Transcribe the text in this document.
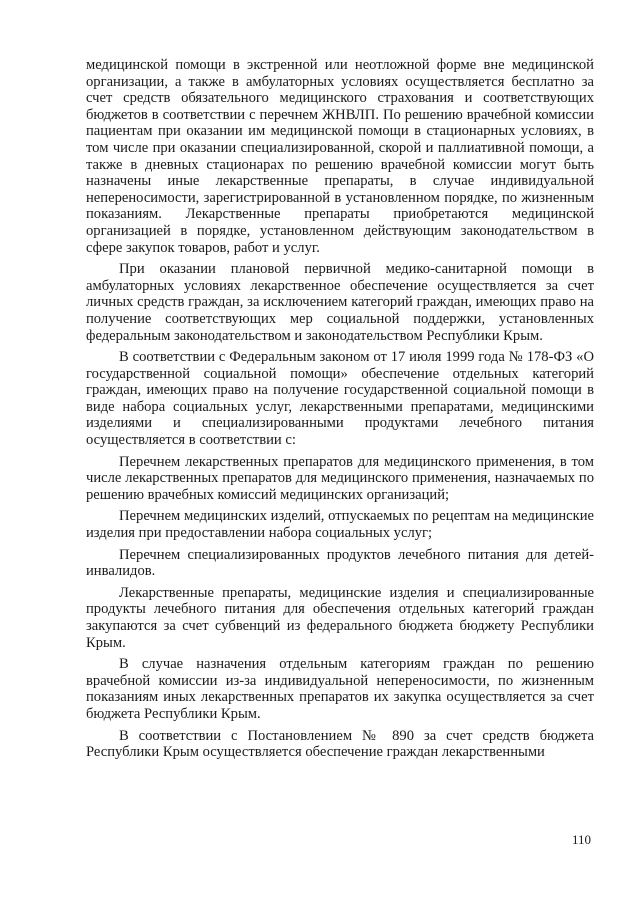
медицинской помощи в экстренной или неотложной форме вне медицинской организации, а также в амбулаторных условиях осуществляется бесплатно за счет средств обязательного медицинского страхования и соответствующих бюджетов в соответствии с перечнем ЖНВЛП. По решению врачебной комиссии пациентам при оказании им медицинской помощи в стационарных условиях, в том числе при оказании специализированной, скорой и паллиативной помощи, а также в дневных стационарах по решению врачебной комиссии могут быть назначены иные лекарственные препараты, в случае индивидуальной непереносимости, зарегистрированной в установленном порядке, по жизненным показаниям. Лекарственные препараты приобретаются медицинской организацией в порядке, установленном действующим законодательством в сфере закупок товаров, работ и услуг.

При оказании плановой первичной медико-санитарной помощи в амбулаторных условиях лекарственное обеспечение осуществляется за счет личных средств граждан, за исключением категорий граждан, имеющих право на получение соответствующих мер социальной поддержки, установленных федеральным законодательством и законодательством Республики Крым.

В соответствии с Федеральным законом от 17 июля 1999 года № 178-ФЗ «О государственной социальной помощи» обеспечение отдельных категорий граждан, имеющих право на получение государственной социальной помощи в виде набора социальных услуг, лекарственными препаратами, медицинскими изделиями и специализированными продуктами лечебного питания осуществляется в соответствии с:

Перечнем лекарственных препаратов для медицинского применения, в том числе лекарственных препаратов для медицинского применения, назначаемых по решению врачебных комиссий медицинских организаций;

Перечнем медицинских изделий, отпускаемых по рецептам на медицинские изделия при предоставлении набора социальных услуг;

Перечнем специализированных продуктов лечебного питания для детей-инвалидов.

Лекарственные препараты, медицинские изделия и специализированные продукты лечебного питания для обеспечения отдельных категорий граждан закупаются за счет субвенций из федерального бюджета бюджету Республики Крым.

В случае назначения отдельным категориям граждан по решению врачебной комиссии из-за индивидуальной непереносимости, по жизненным показаниям иных лекарственных препаратов их закупка осуществляется за счет бюджета Республики Крым.

В соответствии с Постановлением № 890 за счет средств бюджета Республики Крым осуществляется обеспечение граждан лекарственными

110
